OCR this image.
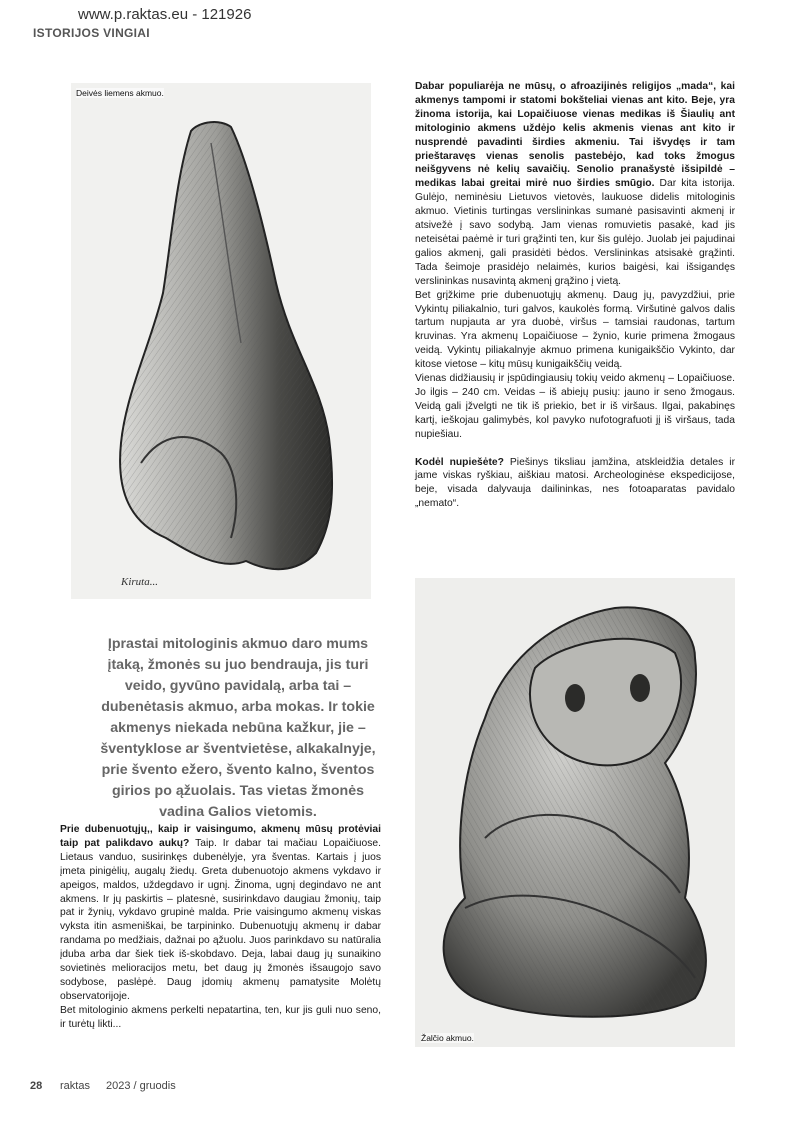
www.p.raktas.eu - 121926
ISTORIJOS VINGIAI
Kiruta...
Deivės liemens akmuo.
Įprastai mitologinis akmuo daro mums įtaką, žmonės su juo bendrauja, jis turi veido, gyvūno pavidalą, arba tai – dubenėtasis akmuo, arba mokas. Ir tokie akmenys niekada nebūna kažkur, jie – šventyklose ar šventvietėse, alkakalnyje, prie švento ežero, švento kalno, šventos girios po ąžuolais. Tas vietas žmonės vadina Galios vietomis.

Prie dubenuotųjų,, kaip ir vaisingumo, akmenų mūsų protėviai taip pat palikdavo aukų? Taip. Ir dabar tai mačiau Lopaičiuose. Lietaus vanduo, susirinkęs dubenėlyje, yra šventas. Kartais į juos įmeta pinigėlių, augalų žiedų. Greta dubenuotojo akmens vykdavo ir apeigos, maldos, uždegdavo ir ugnį. Žinoma, ugnį degindavo ne ant akmens. Ir jų paskirtis – platesnė, susirinkdavo daugiau žmonių, taip pat ir žynių, vykdavo grupinė malda. Prie vaisingumo akmenų viskas vyksta itin asmeniškai, be tarpininko. Dubenuotųjų akmenų ir dabar randama po medžiais, dažnai po ąžuolu. Juos parinkdavo su natūralia įduba arba dar šiek tiek iš-skobdavo. Deja, labai daug jų sunaikino sovietinės melioracijos metu, bet daug jų žmonės išsaugojo savo sodybose, paslėpė. Daug įdomių akmenų pamatysite Molėtų observatorijoje.

Bet mitologinio akmens perkelti nepatartina, ten, kur jis guli nuo seno, ir turėtų likti...

Dabar populiarėja ne mūsų, o afroazijinės religijos „mada“, kai akmenys tampomi ir statomi bokšteliai vienas ant kito. Beje, yra žinoma istorija, kai Lopaičiuose vienas medikas iš Šiaulių ant mitologinio akmens uždėjo kelis akmenis vienas ant kito ir nusprendė pavadinti širdies akmeniu. Tai išvydęs ir tam prieštaravęs vienas senolis pastebėjo, kad toks žmogus neišgyvens nė kelių savaičių. Senolio pranašystė išsipildė – medikas labai greitai mirė nuo širdies smūgio. Dar kita istorija. Gulėjo, neminėsiu Lietuvos vietovės, laukuose didelis mitologinis akmuo. Vietinis turtingas verslininkas sumanė pasisavinti akmenį ir atsivežė į savo sodybą. Jam vienas romuvietis pasakė, kad jis neteisėtai paėmė ir turi grąžinti ten, kur šis gulėjo. Juolab jei pajudinai galios akmenį, gali prasidėti bėdos. Verslininkas atsisakė grąžinti. Tada šeimoje prasidėjo nelaimės, kurios baigėsi, kai išsigandęs verslininkas nusavintą akmenį grąžino į vietą.

Bet grįžkime prie dubenuotųjų akmenų. Daug jų, pavyzdžiui, prie Vykintų piliakalnio, turi galvos, kaukolės formą. Viršutinė galvos dalis tartum nupjauta ar yra duobė, viršus – tamsiai raudonas, tartum kruvinas. Yra akmenų Lopaičiuose – žynio, kurie primena žmogaus veidą. Vykintų piliakalnyje akmuo primena kunigaikščio Vykinto, dar kitose vietose – kitų mūsų kunigaikščių veidą.

Vienas didžiausių ir įspūdingiausių tokių veido akmenų – Lopaičiuose. Jo ilgis – 240 cm. Veidas – iš abiejų pusių: jauno ir seno žmogaus. Veidą gali įžvelgti ne tik iš priekio, bet ir iš viršaus. Ilgai, pakabinęs kartį, ieškojau galimybės, kol pavyko nufotografuoti jį iš viršaus, tada nupiešiau.

Kodėl nupiešėte? Piešinys tiksliau įamžina, atskleidžia detales ir jame viskas ryškiau, aiškiau matosi. Archeologinėse ekspedicijose, beje, visada dalyvauja dailininkas, nes fotoaparatas pavidalo „nemato“.

Žalčio akmuo.
28 raktas 2023 / gruodis
